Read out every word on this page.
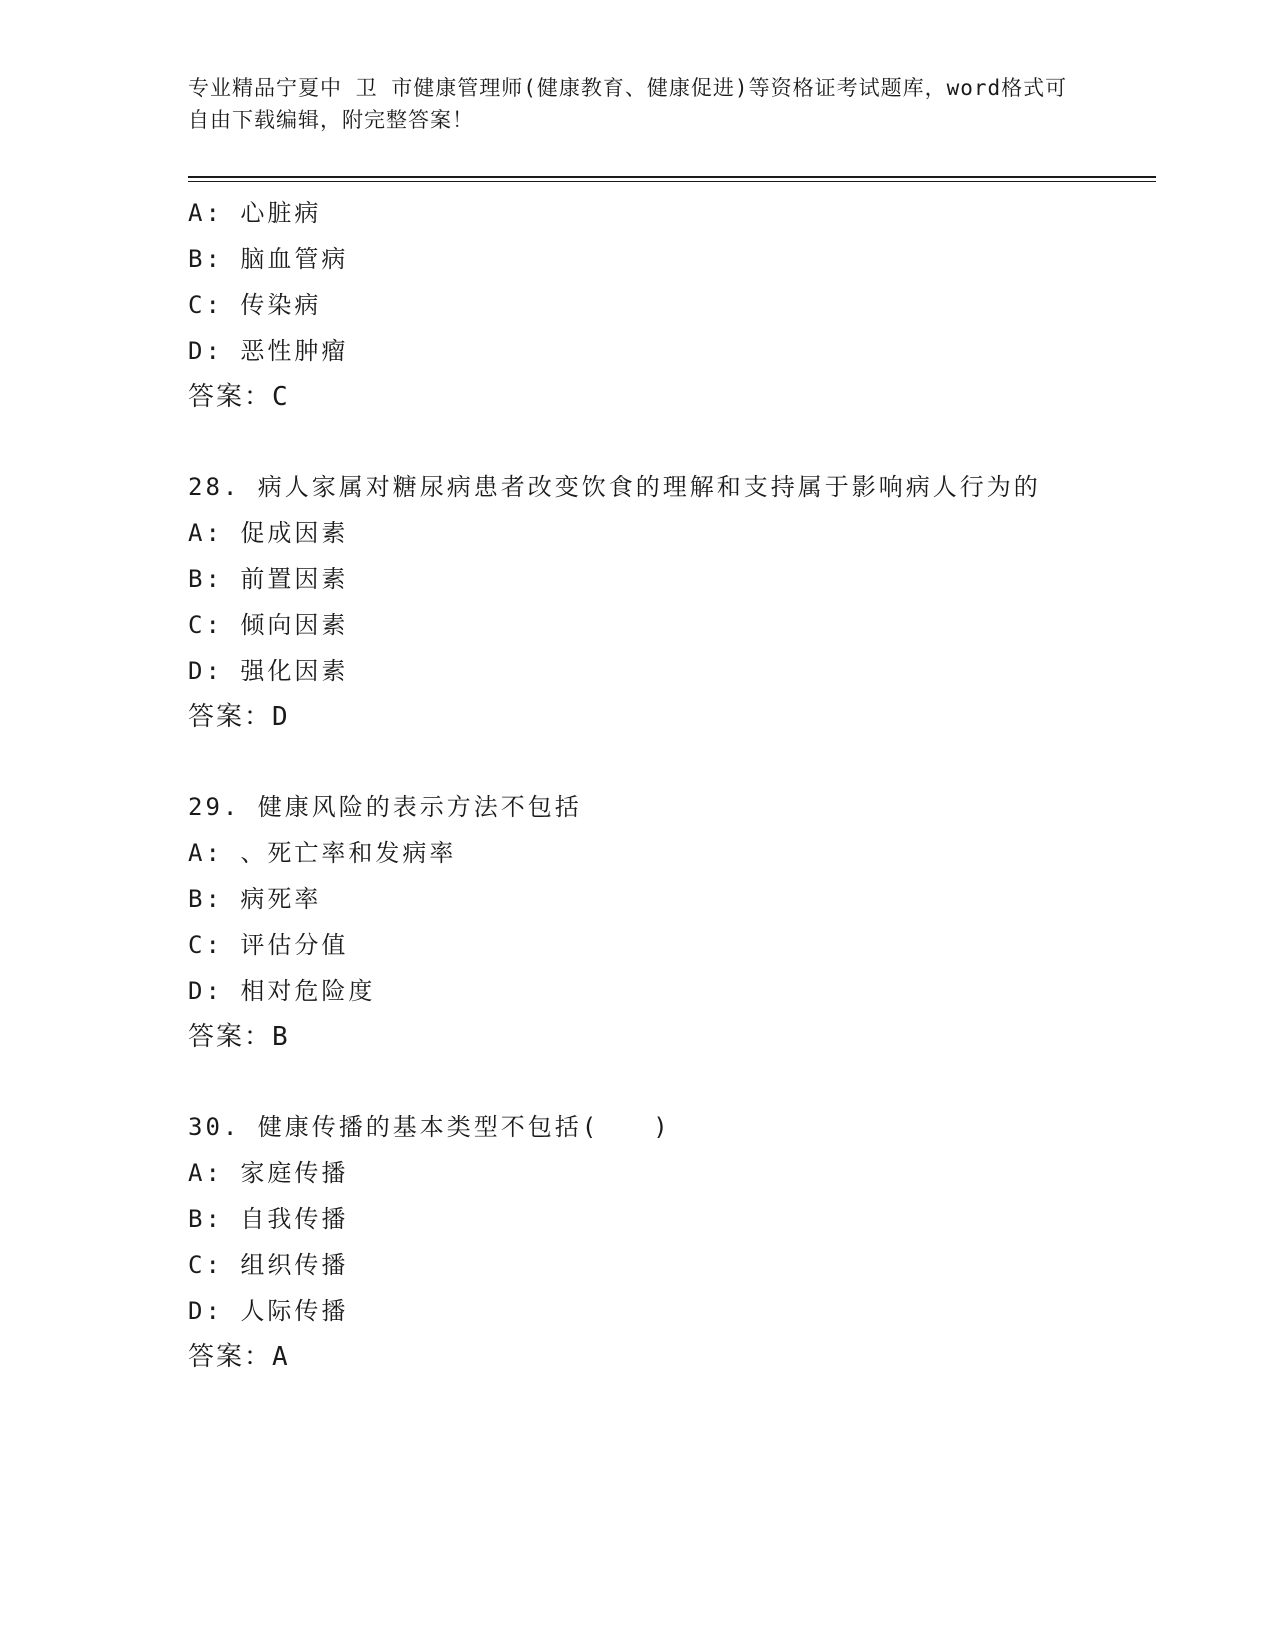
专业精品宁夏中 卫 市健康管理师(健康教育、健康促进)等资格证考试题库，word格式可自由下载编辑，附完整答案！
A: 心脏病
B: 脑血管病
C: 传染病
D: 恶性肿瘤
答案：C
28. 病人家属对糖尿病患者改变饮食的理解和支持属于影响病人行为的
A: 促成因素
B: 前置因素
C: 倾向因素
D: 强化因素
答案：D
29. 健康风险的表示方法不包括
A: 、死亡率和发病率
B: 病死率
C: 评估分值
D: 相对危险度
答案：B
30. 健康传播的基本类型不包括(　　)
A: 家庭传播
B: 自我传播
C: 组织传播
D: 人际传播
答案：A
